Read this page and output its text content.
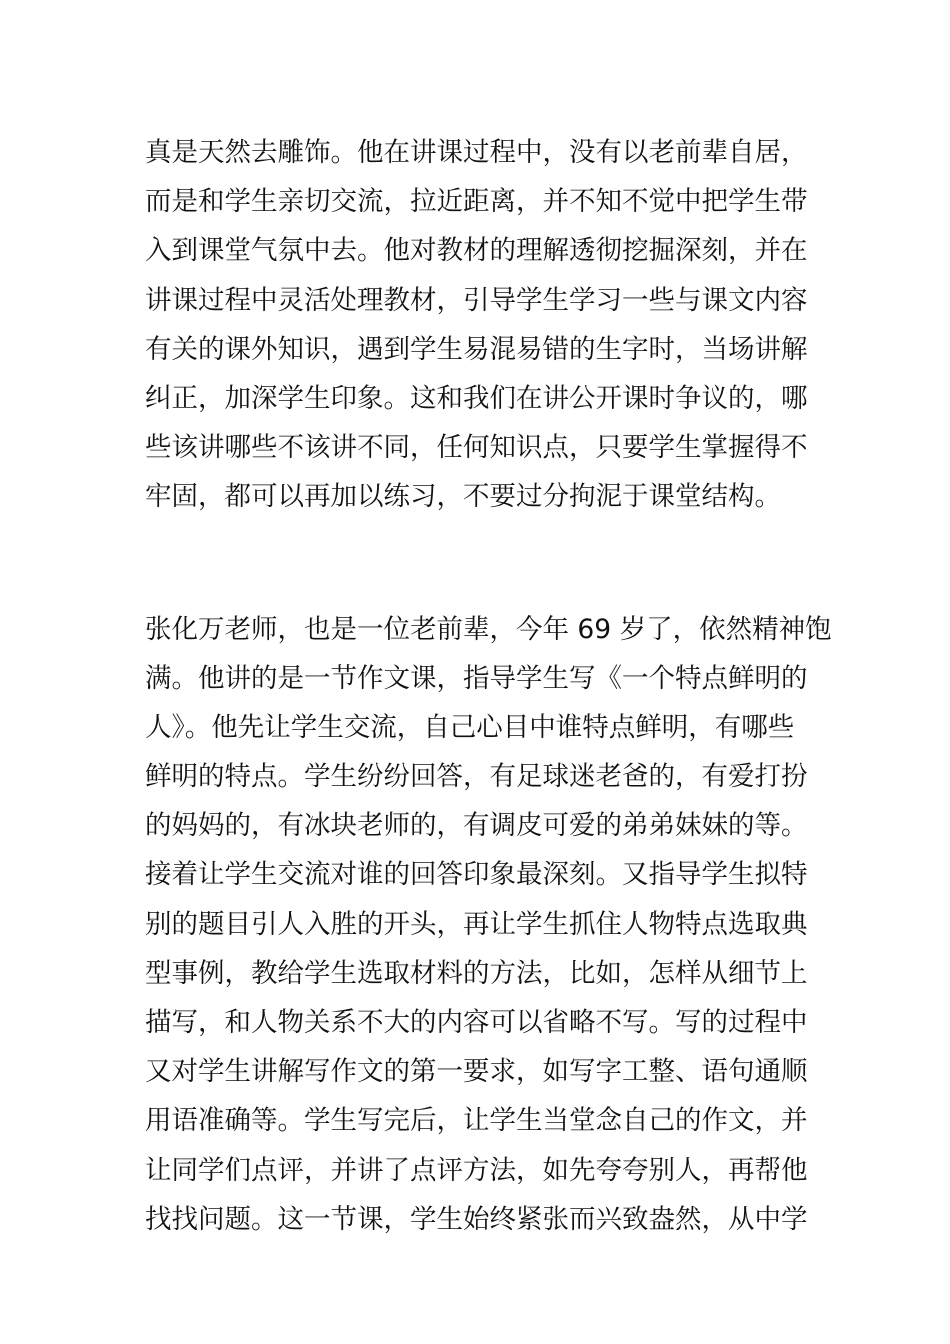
真是天然去雕饰。他在讲课过程中，没有以老前辈自居，
而是和学生亲切交流，拉近距离，并不知不觉中把学生带
入到课堂气氛中去。他对教材的理解透彻挖掘深刻，并在
讲课过程中灵活处理教材，引导学生学习一些与课文内容
有关的课外知识，遇到学生易混易错的生字时，当场讲解
纠正，加深学生印象。这和我们在讲公开课时争议的，哪
些该讲哪些不该讲不同，任何知识点，只要学生掌握得不
牢固，都可以再加以练习，不要过分拘泥于课堂结构。
张化万老师，也是一位老前辈，今年 69 岁了，依然精神饱
满。他讲的是一节作文课，指导学生写《一个特点鲜明的
人》。他先让学生交流，自己心目中谁特点鲜明，有哪些
鲜明的特点。学生纷纷回答，有足球迷老爸的，有爱打扮
的妈妈的，有冰块老师的，有调皮可爱的弟弟妹妹的等。
接着让学生交流对谁的回答印象最深刻。又指导学生拟特
别的题目引人入胜的开头，再让学生抓住人物特点选取典
型事例，教给学生选取材料的方法，比如，怎样从细节上
描写，和人物关系不大的内容可以省略不写。写的过程中
又对学生讲解写作文的第一要求，如写字工整、语句通顺
用语准确等。学生写完后，让学生当堂念自己的作文，并
让同学们点评，并讲了点评方法，如先夸夸别人，再帮他
找找问题。这一节课，学生始终紧张而兴致盎然，从中学
